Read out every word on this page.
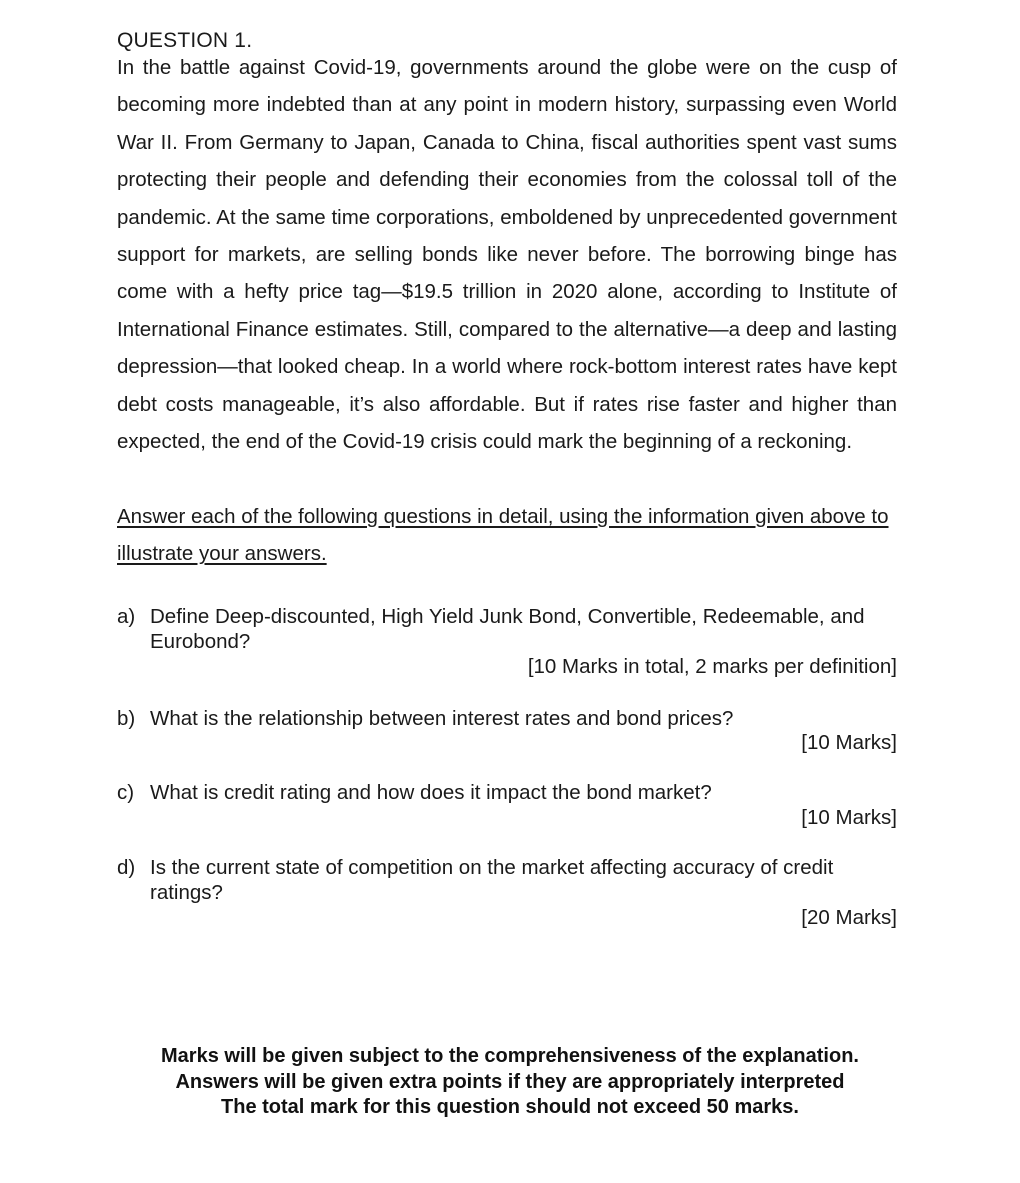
QUESTION 1.

In the battle against Covid-19, governments around the globe were on the cusp of becoming more indebted than at any point in modern history, surpassing even World War II. From Germany to Japan, Canada to China, fiscal authorities spent vast sums protecting their people and defending their economies from the colossal toll of the pandemic. At the same time corporations, emboldened by unprecedented government support for markets, are selling bonds like never before. The borrowing binge has come with a hefty price tag—$19.5 trillion in 2020 alone, according to Institute of International Finance estimates. Still, compared to the alternative—a deep and lasting depression—that looked cheap. In a world where rock-bottom interest rates have kept debt costs manageable, it’s also affordable. But if rates rise faster and higher than expected, the end of the Covid-19 crisis could mark the beginning of a reckoning.

Answer each of the following questions in detail, using the information given above to illustrate your answers.

a) Define Deep-discounted, High Yield Junk Bond, Convertible, Redeemable, and Eurobond?
[10 Marks in total, 2 marks per definition]
b) What is the relationship between interest rates and bond prices?
[10 Marks]
c) What is credit rating and how does it impact the bond market?
[10 Marks]
d) Is the current state of competition on the market affecting accuracy of credit ratings?
[20 Marks]
Marks will be given subject to the comprehensiveness of the explanation.
Answers will be given extra points if they are appropriately interpreted
The total mark for this question should not exceed 50 marks.
